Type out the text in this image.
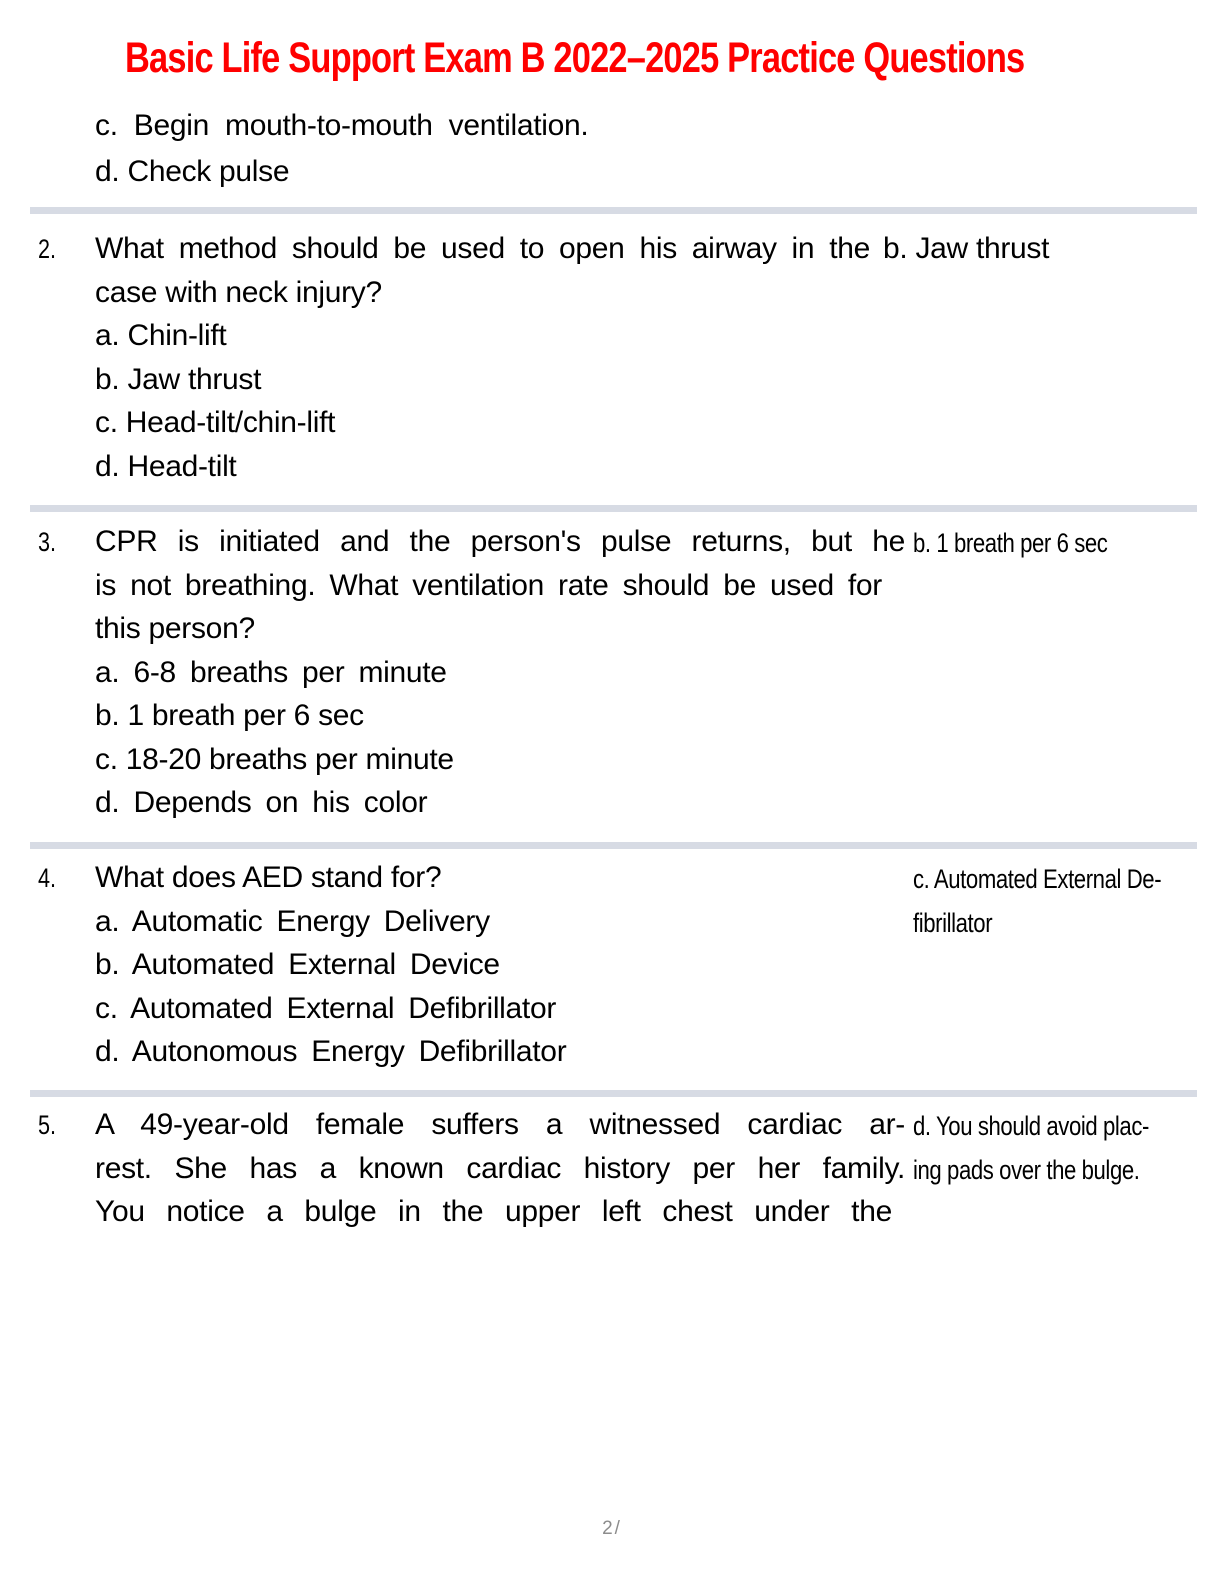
Basic Life Support Exam B 2022–2025 Practice Questions
c. Begin mouth-to-mouth ventilation.
d. Check pulse
2. What method should be used to open his airway in the
case with neck injury?
a. Chin-lift
b. Jaw thrust
c. Head-tilt/chin-lift
d. Head-tilt
b. Jaw thrust
3. CPR is initiated and the person's pulse returns, but he
is not breathing. What ventilation rate should be used for
this person?
a. 6-8 breaths per minute
b. 1 breath per 6 sec
c. 18-20 breaths per minute
d. Depends on his color
b. 1 breath per 6 sec
4. What does AED stand for?
a. Automatic Energy Delivery
b. Automated External Device
c. Automated External Defibrillator
d. Autonomous Energy Defibrillator
c. Automated External De-
fibrillator
5. A 49-year-old female suffers a witnessed cardiac ar-
rest. She has a known cardiac history per her family.
You notice a bulge in the upper left chest under the
d. You should avoid plac-
ing pads over the bulge.
2/
